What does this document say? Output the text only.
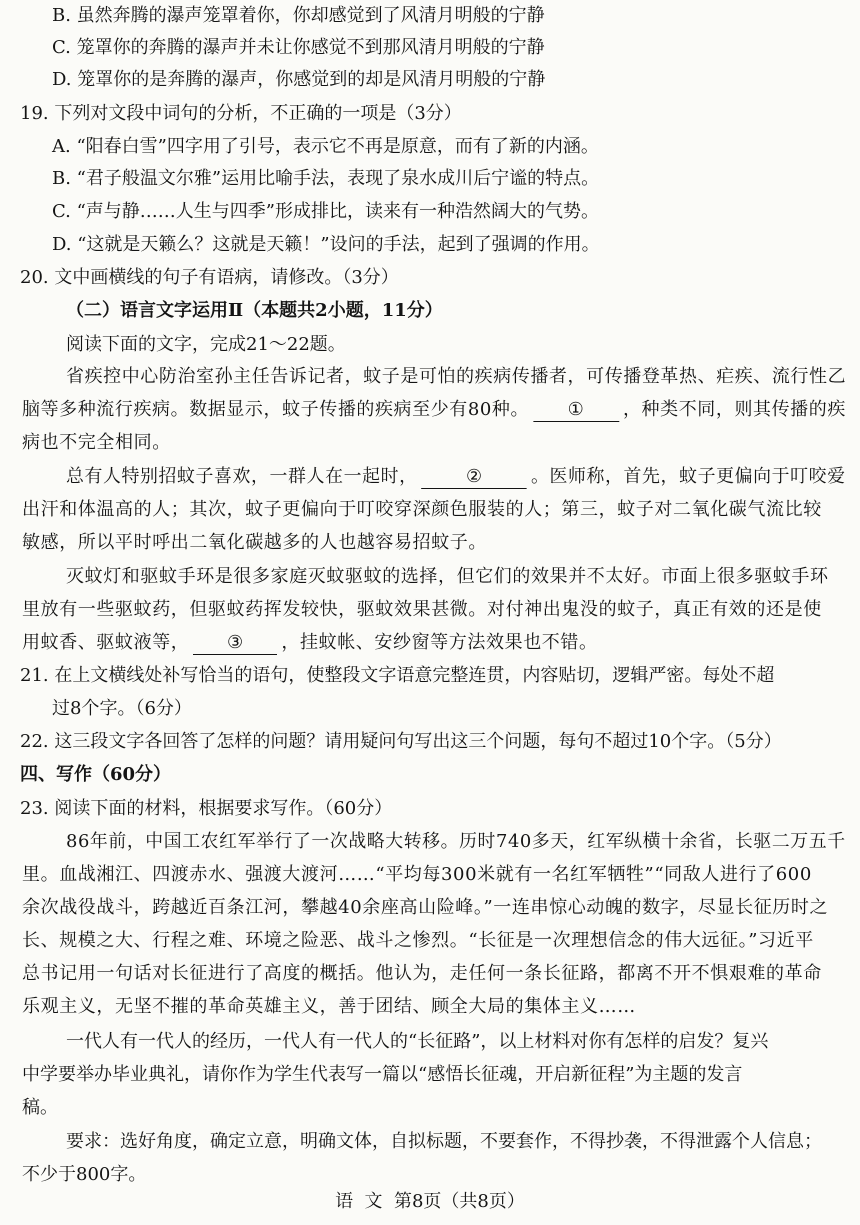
B. 虽然奔腾的瀑声笼罩着你，你却感觉到了风清月明般的宁静
C. 笼罩你的奔腾的瀑声并未让你感觉不到那风清月明般的宁静
D. 笼罩你的是奔腾的瀑声，你感觉到的却是风清月明般的宁静
19. 下列对文段中词句的分析，不正确的一项是（3分）
A. “阳春白雪”四字用了引号，表示它不再是原意，而有了新的内涵。
B. “君子般温文尔雅”运用比喻手法，表现了泉水成川后宁谧的特点。
C. “声与静……人生与四季”形成排比，读来有一种浩然阔大的气势。
D. “这就是天籁么？这就是天籁！”设问的手法，起到了强调的作用。
20. 文中画横线的句子有语病，请修改。（3分）
（二）语言文字运用Ⅱ（本题共2小题，11分）
阅读下面的文字，完成21～22题。
省疾控中心防治室孙主任告诉记者，蚊子是可怕的疾病传播者，可传播登革热、疟疾、流行性乙
脑等多种流行疾病。数据显示，蚊子传播的疾病至少有80种。 ① ，种类不同，则其传播的疾
病也不完全相同。
总有人特别招蚊子喜欢，一群人在一起时，	②	。医师称，首先，蚊子更偏向于叮咬爱
出汗和体温高的人；其次，蚊子更偏向于叮咬穿深颜色服装的人；第三，蚊子对二氧化碳气流比较
敏感，所以平时呼出二氧化碳越多的人也越容易招蚊子。
灭蚊灯和驱蚊手环是很多家庭灭蚊驱蚊的选择，但它们的效果并不太好。市面上很多驱蚊手环
里放有一些驱蚊药，但驱蚊药挥发较快，驱蚊效果甚微。对付神出鬼没的蚊子，真正有效的还是使
用蚊香、驱蚊液等， ③ ，挂蚊帐、安纱窗等方法效果也不错。
21. 在上文横线处补写恰当的语句，使整段文字语意完整连贯，内容贴切，逻辑严密。每处不超
过8个字。（6分）
22. 这三段文字各回答了怎样的问题？请用疑问句写出这三个问题，每句不超过10个字。（5分）
四、写作（60分）
23. 阅读下面的材料，根据要求写作。（60分）
86年前，中国工农红军举行了一次战略大转移。历时740多天，红军纵横十余省，长驱二万五千
里。血战湘江、四渡赤水、强渡大渡河……“平均每300米就有一名红军牺牲”“同敌人进行了600
余次战役战斗，跨越近百条江河，攀越40余座高山险峰。”一连串惊心动魄的数字，尽显长征历时之
长、规模之大、行程之难、环境之险恶、战斗之惨烈。“长征是一次理想信念的伟大远征。”习近平
总书记用一句话对长征进行了高度的概括。他认为，走任何一条长征路，都离不开不惧艰难的革命
乐观主义，无坚不摧的革命英雄主义，善于团结、顾全大局的集体主义……
一代人有一代人的经历，一代人有一代人的“长征路”，以上材料对你有怎样的启发？复兴
中学要举办毕业典礼，请你作为学生代表写一篇以“感悟长征魂，开启新征程”为主题的发言
稿。
要求：选好角度，确定立意，明确文体，自拟标题，不要套作，不得抄袭，不得泄露个人信息；
不少于800字。
语  文  第8页（共8页）
